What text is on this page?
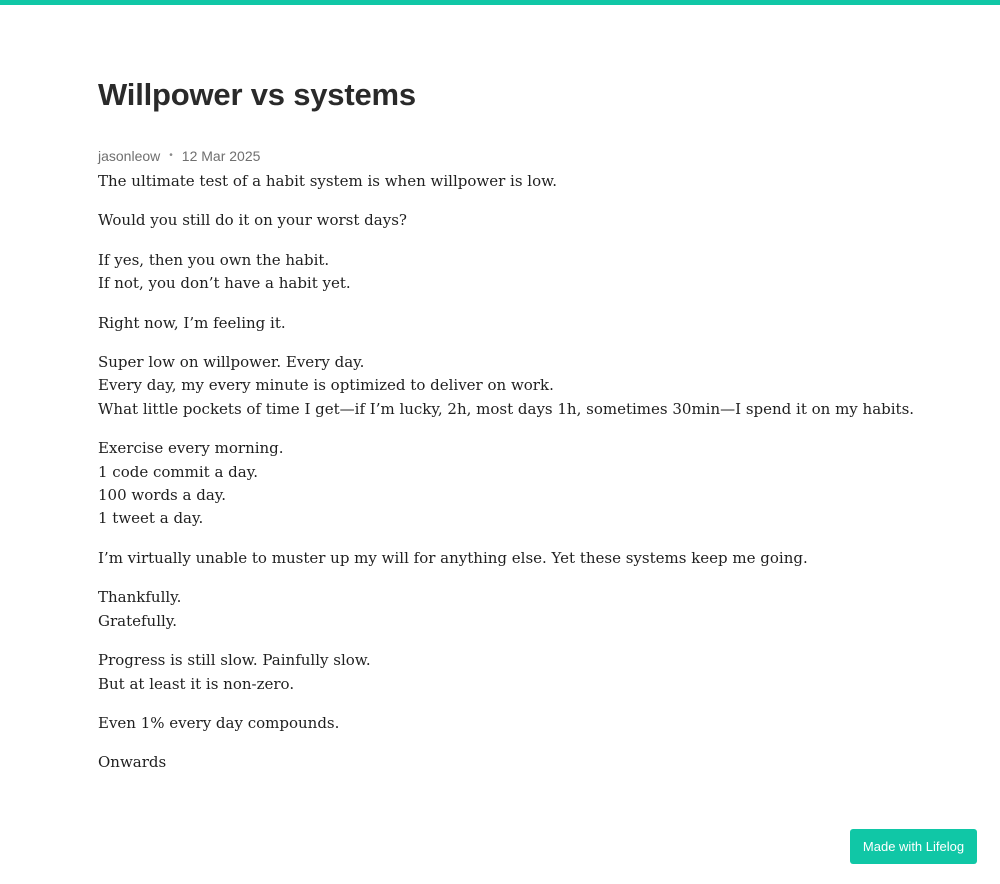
Willpower vs systems
jasonleow • 12 Mar 2025

The ultimate test of a habit system is when willpower is low.

Would you still do it on your worst days?

If yes, then you own the habit.
If not, you don’t have a habit yet.

Right now, I’m feeling it.

Super low on willpower. Every day.
Every day, my every minute is optimized to deliver on work.
What little pockets of time I get—if I’m lucky, 2h, most days 1h, sometimes 30min—I spend it on my habits.

Exercise every morning.
1 code commit a day.
100 words a day.
1 tweet a day.

I’m virtually unable to muster up my will for anything else. Yet these systems keep me going.

Thankfully.
Gratefully.

Progress is still slow. Painfully slow.
But at least it is non-zero.

Even 1% every day compounds.

Onwards

Made with Lifelog
